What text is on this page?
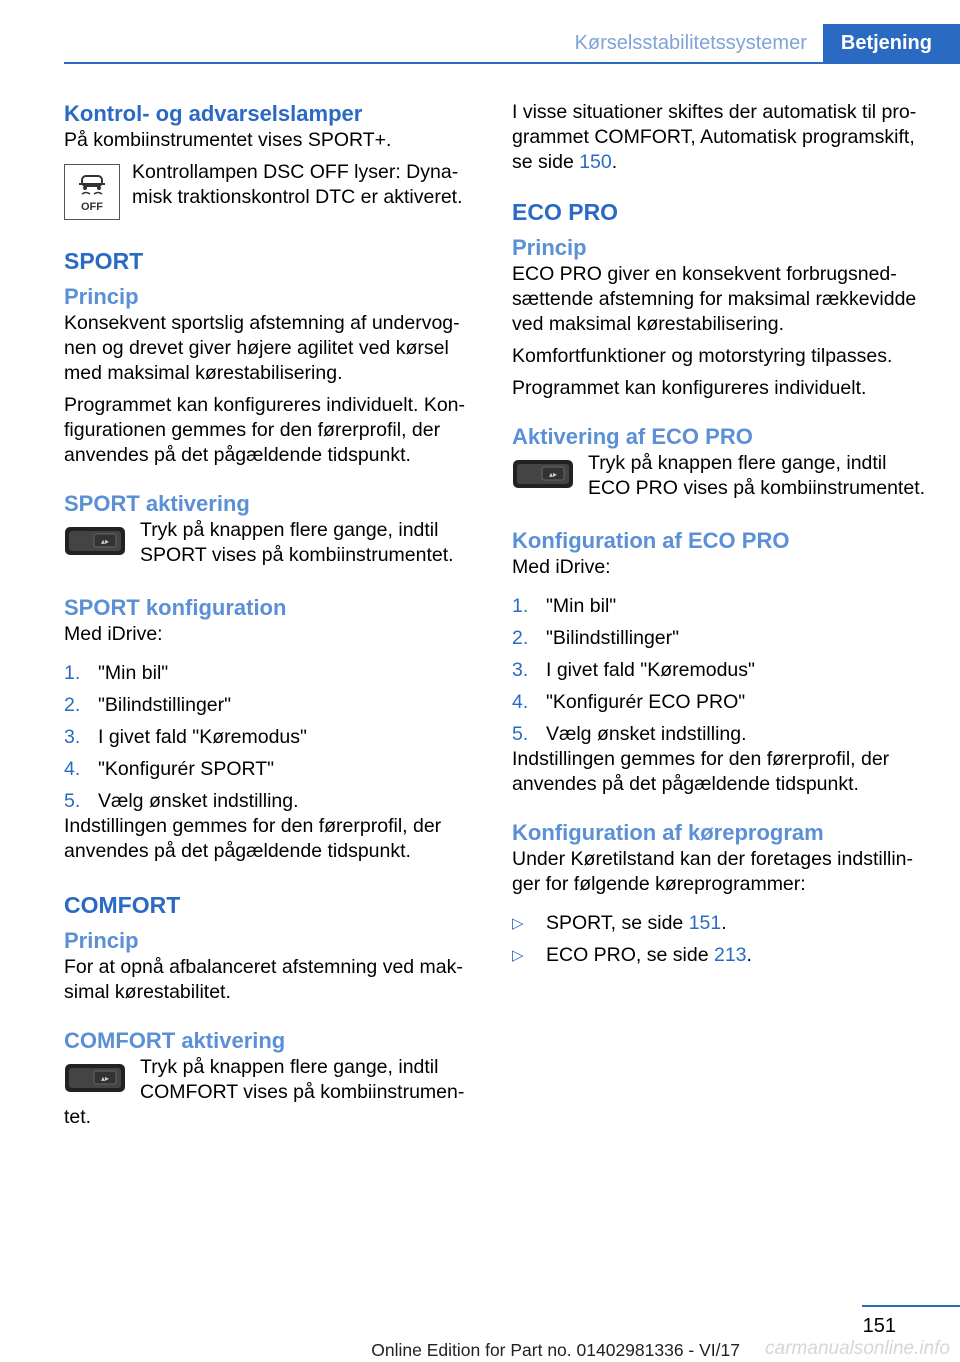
Kørselsstabilitetssystemer	Betjening
Kontrol- og advarselslamper

På kombiinstrumentet vises SPORT+.

OFF

Kontrollampen DSC OFF lyser: Dynamisk traktionskontrol DTC er aktiveret.

SPORT
Princip

Konsekvent sportslig afstemning af undervognen og drevet giver højere agilitet ved kørsel med maksimal kørestabilisering.

Programmet kan konfigureres individuelt. Konfigurationen gemmes for den førerprofil, der anvendes på det pågældende tidspunkt.

SPORT aktivering
▴▸

Tryk på knappen flere gange, indtil SPORT vises på kombiinstrumentet.

SPORT konfiguration

Med iDrive:

1. "Min bil"
2. "Bilindstillinger"
3. I givet fald "Køremodus"
4. "Konfigurér SPORT"
5. Vælg ønsket indstilling.

Indstillingen gemmes for den førerprofil, der anvendes på det pågældende tidspunkt.

COMFORT
Princip

For at opnå afbalanceret afstemning ved maksimal kørestabilitet.

COMFORT aktivering
▴▸

Tryk på knappen flere gange, indtil COMFORT vises på kombiinstrumentet.

I visse situationer skiftes der automatisk til programmet COMFORT, Automatisk programskift, se side 150.

ECO PRO
Princip

ECO PRO giver en konsekvent forbrugsnedsættende afstemning for maksimal rækkevidde ved maksimal kørestabilisering.

Komfortfunktioner og motorstyring tilpasses.

Programmet kan konfigureres individuelt.

Aktivering af ECO PRO
▴▸

Tryk på knappen flere gange, indtil ECO PRO vises på kombiinstrumentet.

Konfiguration af ECO PRO

Med iDrive:

1. "Min bil"
2. "Bilindstillinger"
3. I givet fald "Køremodus"
4. "Konfigurér ECO PRO"
5. Vælg ønsket indstilling.

Indstillingen gemmes for den førerprofil, der anvendes på det pågældende tidspunkt.

Konfiguration af køreprogram

Under Køretilstand kan der foretages indstillinger for følgende køreprogrammer:

▷	SPORT, se side 151.
▷	ECO PRO, se side 213.
151
Online Edition for Part no. 01402981336 - VI/17 carmanualsonline.info
